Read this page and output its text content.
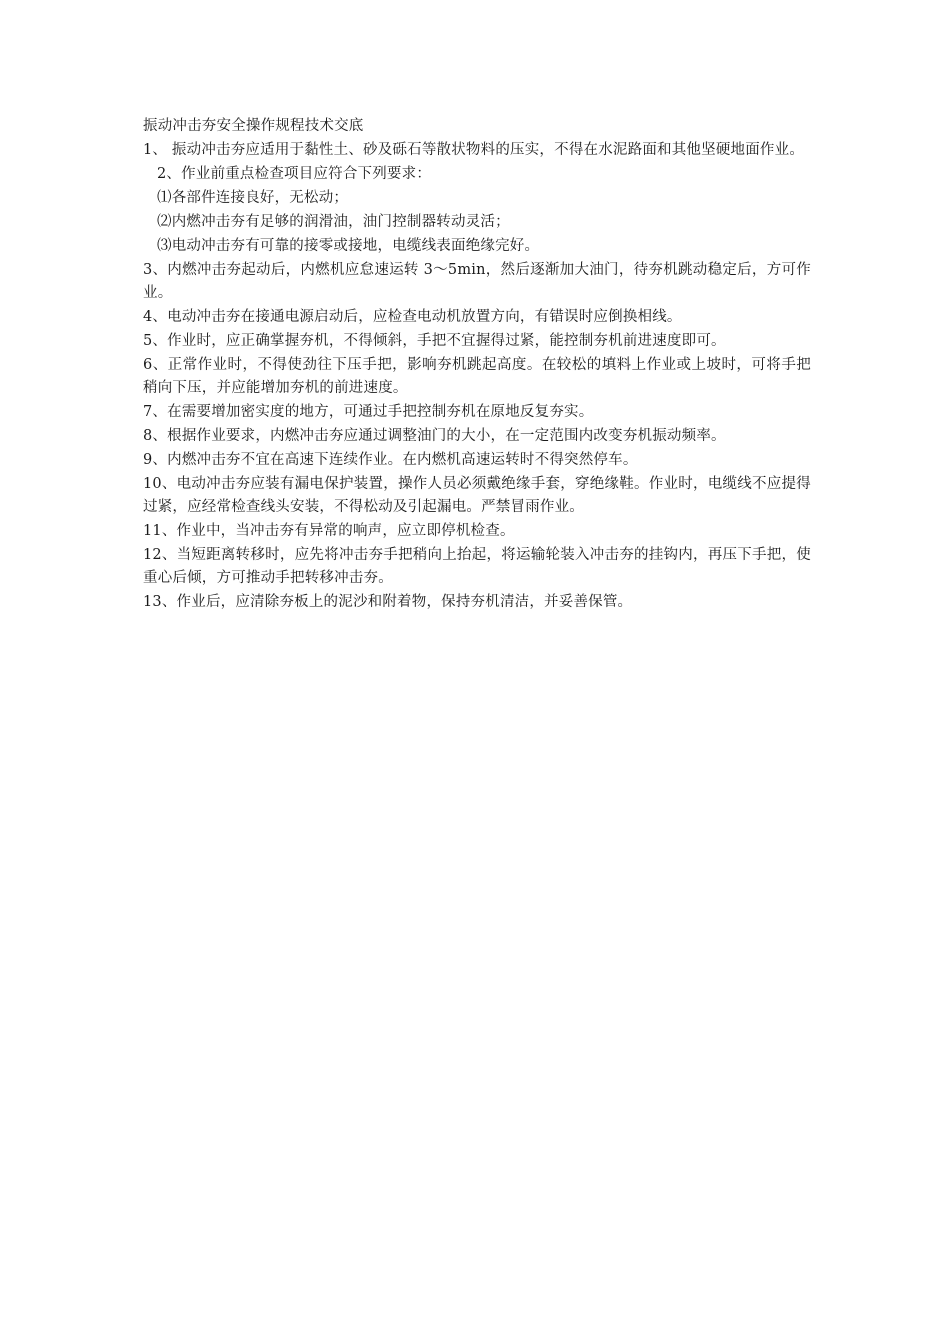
振动冲击夯安全操作规程技术交底

1、 振动冲击夯应适用于黏性土、砂及砾石等散状物料的压实，不得在水泥路面和其他坚硬地面作业。

2、作业前重点检查项目应符合下列要求：

⑴各部件连接良好，无松动；

⑵内燃冲击夯有足够的润滑油，油门控制器转动灵活；

⑶电动冲击夯有可靠的接零或接地，电缆线表面绝缘完好。

3、内燃冲击夯起动后，内燃机应怠速运转 3～5min，然后逐渐加大油门，待夯机跳动稳定后，方可作业。

4、电动冲击夯在接通电源启动后，应检查电动机放置方向，有错误时应倒换相线。

5、作业时，应正确掌握夯机，不得倾斜，手把不宜握得过紧，能控制夯机前进速度即可。

6、正常作业时，不得使劲往下压手把，影响夯机跳起高度。在较松的填料上作业或上坡时，可将手把稍向下压，并应能增加夯机的前进速度。

7、在需要增加密实度的地方，可通过手把控制夯机在原地反复夯实。

8、根据作业要求，内燃冲击夯应通过调整油门的大小，在一定范围内改变夯机振动频率。

9、内燃冲击夯不宜在高速下连续作业。在内燃机高速运转时不得突然停车。

10、电动冲击夯应装有漏电保护装置，操作人员必须戴绝缘手套，穿绝缘鞋。作业时，电缆线不应提得过紧，应经常检查线头安装，不得松动及引起漏电。严禁冒雨作业。

11、作业中，当冲击夯有异常的响声，应立即停机检查。

12、当短距离转移时，应先将冲击夯手把稍向上抬起，将运输轮装入冲击夯的挂钩内，再压下手把，使重心后倾，方可推动手把转移冲击夯。

13、作业后，应清除夯板上的泥沙和附着物，保持夯机清洁，并妥善保管。
